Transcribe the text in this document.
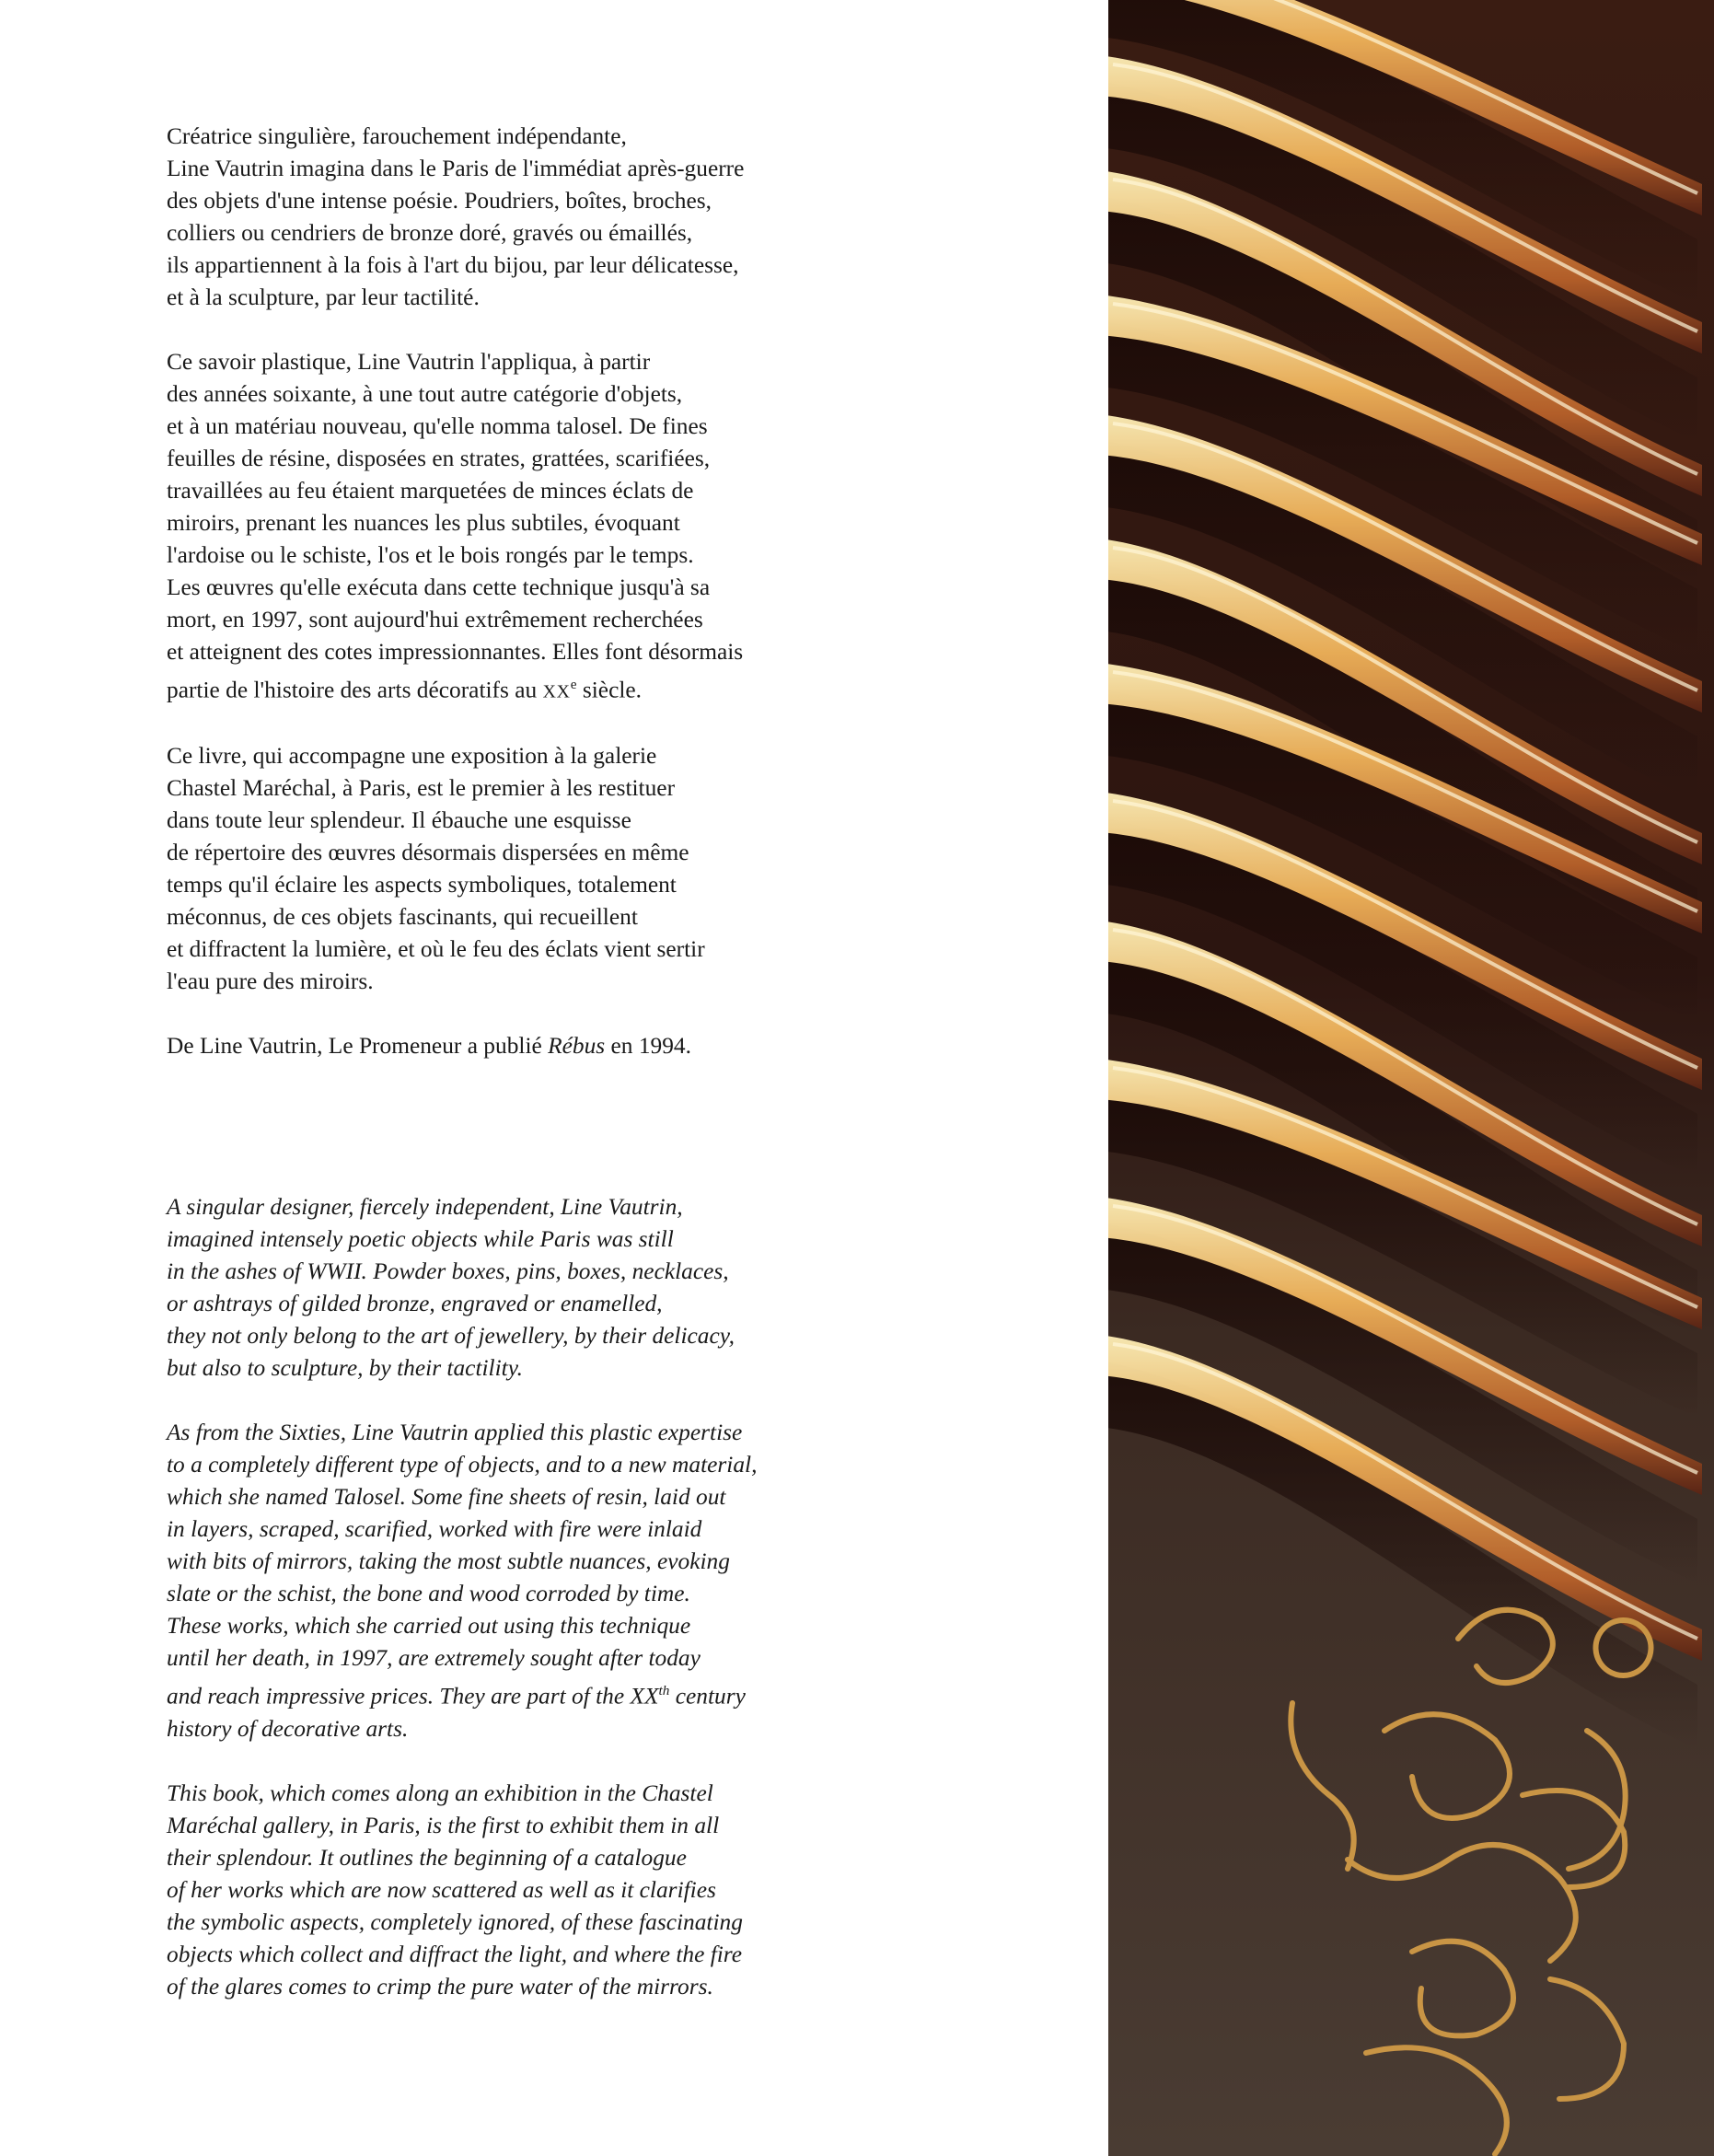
Créatrice singulière, farouchement indépendante,
Line Vautrin imagina dans le Paris de l'immédiat après-guerre
des objets d'une intense poésie. Poudriers, boîtes, broches,
colliers ou cendriers de bronze doré, gravés ou émaillés,
ils appartiennent à la fois à l'art du bijou, par leur délicatesse,
et à la sculpture, par leur tactilité.

Ce savoir plastique, Line Vautrin l'appliqua, à partir
des années soixante, à une tout autre catégorie d'objets,
et à un matériau nouveau, qu'elle nomma talosel. De fines
feuilles de résine, disposées en strates, grattées, scarifiées,
travaillées au feu étaient marquetées de minces éclats de
miroirs, prenant les nuances les plus subtiles, évoquant
l'ardoise ou le schiste, l'os et le bois rongés par le temps.
Les œuvres qu'elle exécuta dans cette technique jusqu'à sa
mort, en 1997, sont aujourd'hui extrêmement recherchées
et atteignent des cotes impressionnantes. Elles font désormais
partie de l'histoire des arts décoratifs au XXe siècle.

Ce livre, qui accompagne une exposition à la galerie
Chastel Maréchal, à Paris, est le premier à les restituer
dans toute leur splendeur. Il ébauche une esquisse
de répertoire des œuvres désormais dispersées en même
temps qu'il éclaire les aspects symboliques, totalement
méconnus, de ces objets fascinants, qui recueillent
et diffractent la lumière, et où le feu des éclats vient sertir
l'eau pure des miroirs.

De Line Vautrin, Le Promeneur a publié Rébus en 1994.

A singular designer, fiercely independent, Line Vautrin,
imagined intensely poetic objects while Paris was still
in the ashes of WWII. Powder boxes, pins, boxes, necklaces,
or ashtrays of gilded bronze, engraved or enamelled,
they not only belong to the art of jewellery, by their delicacy,
but also to sculpture, by their tactility.

As from the Sixties, Line Vautrin applied this plastic expertise
to a completely different type of objects, and to a new material,
which she named Talosel. Some fine sheets of resin, laid out
in layers, scraped, scarified, worked with fire were inlaid
with bits of mirrors, taking the most subtle nuances, evoking
slate or the schist, the bone and wood corroded by time.
These works, which she carried out using this technique
until her death, in 1997, are extremely sought after today
and reach impressive prices. They are part of the XXth century
history of decorative arts.

This book, which comes along an exhibition in the Chastel
Maréchal gallery, in Paris, is the first to exhibit them in all
their splendour. It outlines the beginning of a catalogue
of her works which are now scattered as well as it clarifies
the symbolic aspects, completely ignored, of these fascinating
objects which collect and diffract the light, and where the fire
of the glares comes to crimp the pure water of the mirrors.
